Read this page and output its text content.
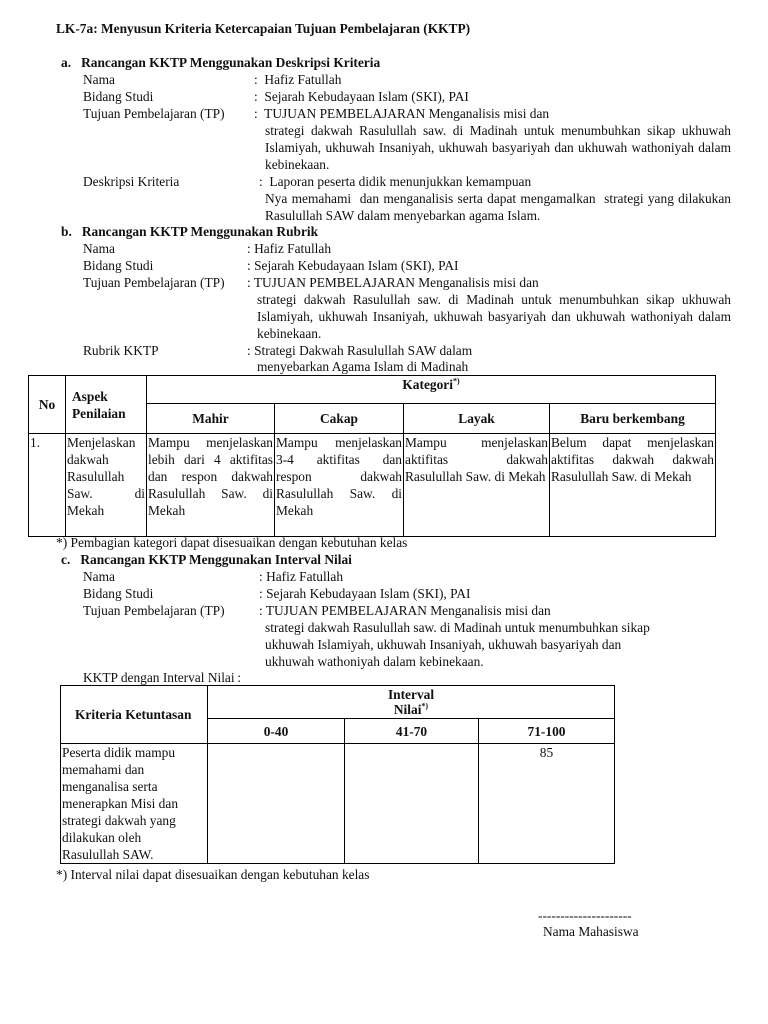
LK-7a: Menyusun Kriteria Ketercapaian Tujuan Pembelajaran (KKTP)
a.   Rancangan KKTP Menggunakan Deskripsi Kriteria
Nama	:  Hafiz Fatullah
Bidang Studi	:  Sejarah Kebudayaan Islam (SKI), PAI
Tujuan Pembelajaran (TP) :  TUJUAN PEMBELAJARAN Menganalisis misi dan
strategi dakwah Rasulullah saw. di Madinah untuk menumbuhkan sikap ukhuwah Islamiyah, ukhuwah Insaniyah, ukhuwah basyariyah dan ukhuwah wathoniyah dalam kebinekaan.
Deskripsi Kriteria	:  Laporan peserta didik menunjukkan kemampuan
Nya memahami  dan menganalisis serta dapat mengamalkan  strategi yang dilakukan Rasulullah SAW dalam menyebarkan agama Islam.
b.   Rancangan KKTP Menggunakan Rubrik
Nama	: Hafiz Fatullah
Bidang Studi	: Sejarah Kebudayaan Islam (SKI), PAI
Tujuan Pembelajaran (TP) : TUJUAN PEMBELAJARAN Menganalisis misi dan
strategi dakwah Rasulullah saw. di Madinah untuk menumbuhkan sikap ukhuwah Islamiyah, ukhuwah Insaniyah, ukhuwah basyariyah dan ukhuwah wathoniyah dalam kebinekaan.
Rubrik KKTP	: Strategi Dakwah Rasulullah SAW dalam
menyebarkan Agama Islam di Madinah
No	Aspek Penilaian	Kategori*)
		Mahir	Cakap	Layak	Baru berkembang
1.	Menjelaskan dakwah Rasulullah Saw. di Mekah	Mampu menjelaskan lebih dari 4 aktifitas dan respon dakwah Rasulullah Saw. di Mekah	Mampu menjelaskan 3-4 aktifitas dan respon dakwah Rasulullah Saw. di Mekah	Mampu menjelaskan aktifitas dakwah Rasulullah Saw. di Mekah	Belum dapat menjelaskan aktifitas dakwah dakwah Rasulullah Saw. di Mekah
*) Pembagian kategori dapat disesuaikan dengan kebutuhan kelas
c.   Rancangan KKTP Menggunakan Interval Nilai
Nama	: Hafiz Fatullah
Bidang Studi	: Sejarah Kebudayaan Islam (SKI), PAI
Tujuan Pembelajaran (TP)	: TUJUAN PEMBELAJARAN Menganalisis misi dan
strategi dakwah Rasulullah saw. di Madinah untuk menumbuhkan sikap
ukhuwah Islamiyah, ukhuwah Insaniyah, ukhuwah basyariyah dan
ukhuwah wathoniyah dalam kebinekaan.
KKTP dengan Interval Nilai :
Kriteria Ketuntasan	Interval
Nilai*)
	0-40	41-70	71-100
Peserta didik mampu memahami dan menganalisa serta menerapkan Misi dan strategi dakwah yang dilakukan oleh Rasulullah SAW.			85
*) Interval nilai dapat disesuaikan dengan kebutuhan kelas
---------------------
Nama Mahasiswa
